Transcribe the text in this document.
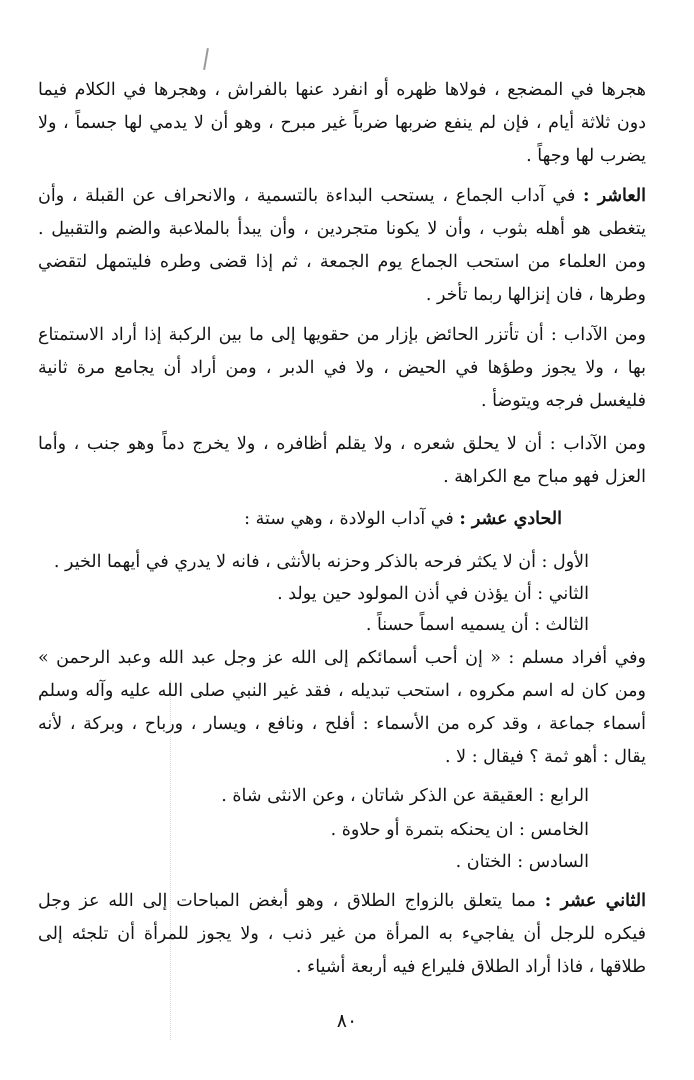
هجرها في المضجع ، فولاها ظهره أو انفرد عنها بالفراش ، وهجرها في الكلام فيما دون ثلاثة أيام ، فإن لم ينفع ضربها ضرباً غير مبرح ، وهو أن لا يدمي لها جسماً ، ولا يضرب لها وجهاً .

العاشر : في آداب الجماع ، يستحب البداءة بالتسمية ، والانحراف عن القبلة ، وأن يتغطى هو أهله بثوب ، وأن لا يكونا متجردين ، وأن يبدأ بالملاعبة والضم والتقبيل . ومن العلماء من استحب الجماع يوم الجمعة ، ثم إذا قضى وطره فليتمهل لتقضي وطرها ، فان إنزالها ربما تأخر .

ومن الآداب : أن تأتزر الحائض بإزار من حقويها إلى ما بين الركبة إذا أراد الاستمتاع بها ، ولا يجوز وطؤها في الحيض ، ولا في الدبر ، ومن أراد أن يجامع مرة ثانية فليغسل فرجه ويتوضأ .

ومن الآداب : أن لا يحلق شعره ، ولا يقلم أظافره ، ولا يخرج دماً وهو جنب ، وأما العزل فهو مباح مع الكراهة .

الحادي عشر : في آداب الولادة ، وهي ستة :

الأول : أن لا يكثر فرحه بالذكر وحزنه بالأنثى ، فانه لا يدري في أيهما الخير .

الثاني : أن يؤذن في أذن المولود حين يولد .

الثالث : أن يسميه اسماً حسناً .

وفي أفراد مسلم : « إن أحب أسمائكم إلى الله عز وجل عبد الله وعبد الرحمن » ومن كان له اسم مكروه ، استحب تبديله ، فقد غير النبي صلى الله عليه وآله وسلم أسماء جماعة ، وقد كره من الأسماء : أفلح ، ونافع ، ويسار ، ورباح ، وبركة ، لأنه يقال : أهو ثمة ؟ فيقال : لا .

الرابع : العقيقة عن الذكر شاتان ، وعن الانثى شاة .

الخامس : ان يحنكه بتمرة أو حلاوة .

السادس : الختان .

الثاني عشر : مما يتعلق بالزواج الطلاق ، وهو أبغض المباحات إلى الله عز وجل فيكره للرجل أن يفاجيء به المرأة من غير ذنب ، ولا يجوز للمرأة أن تلجئه إلى طلاقها ، فاذا أراد الطلاق فليراع فيه أربعة أشياء .

٨٠
